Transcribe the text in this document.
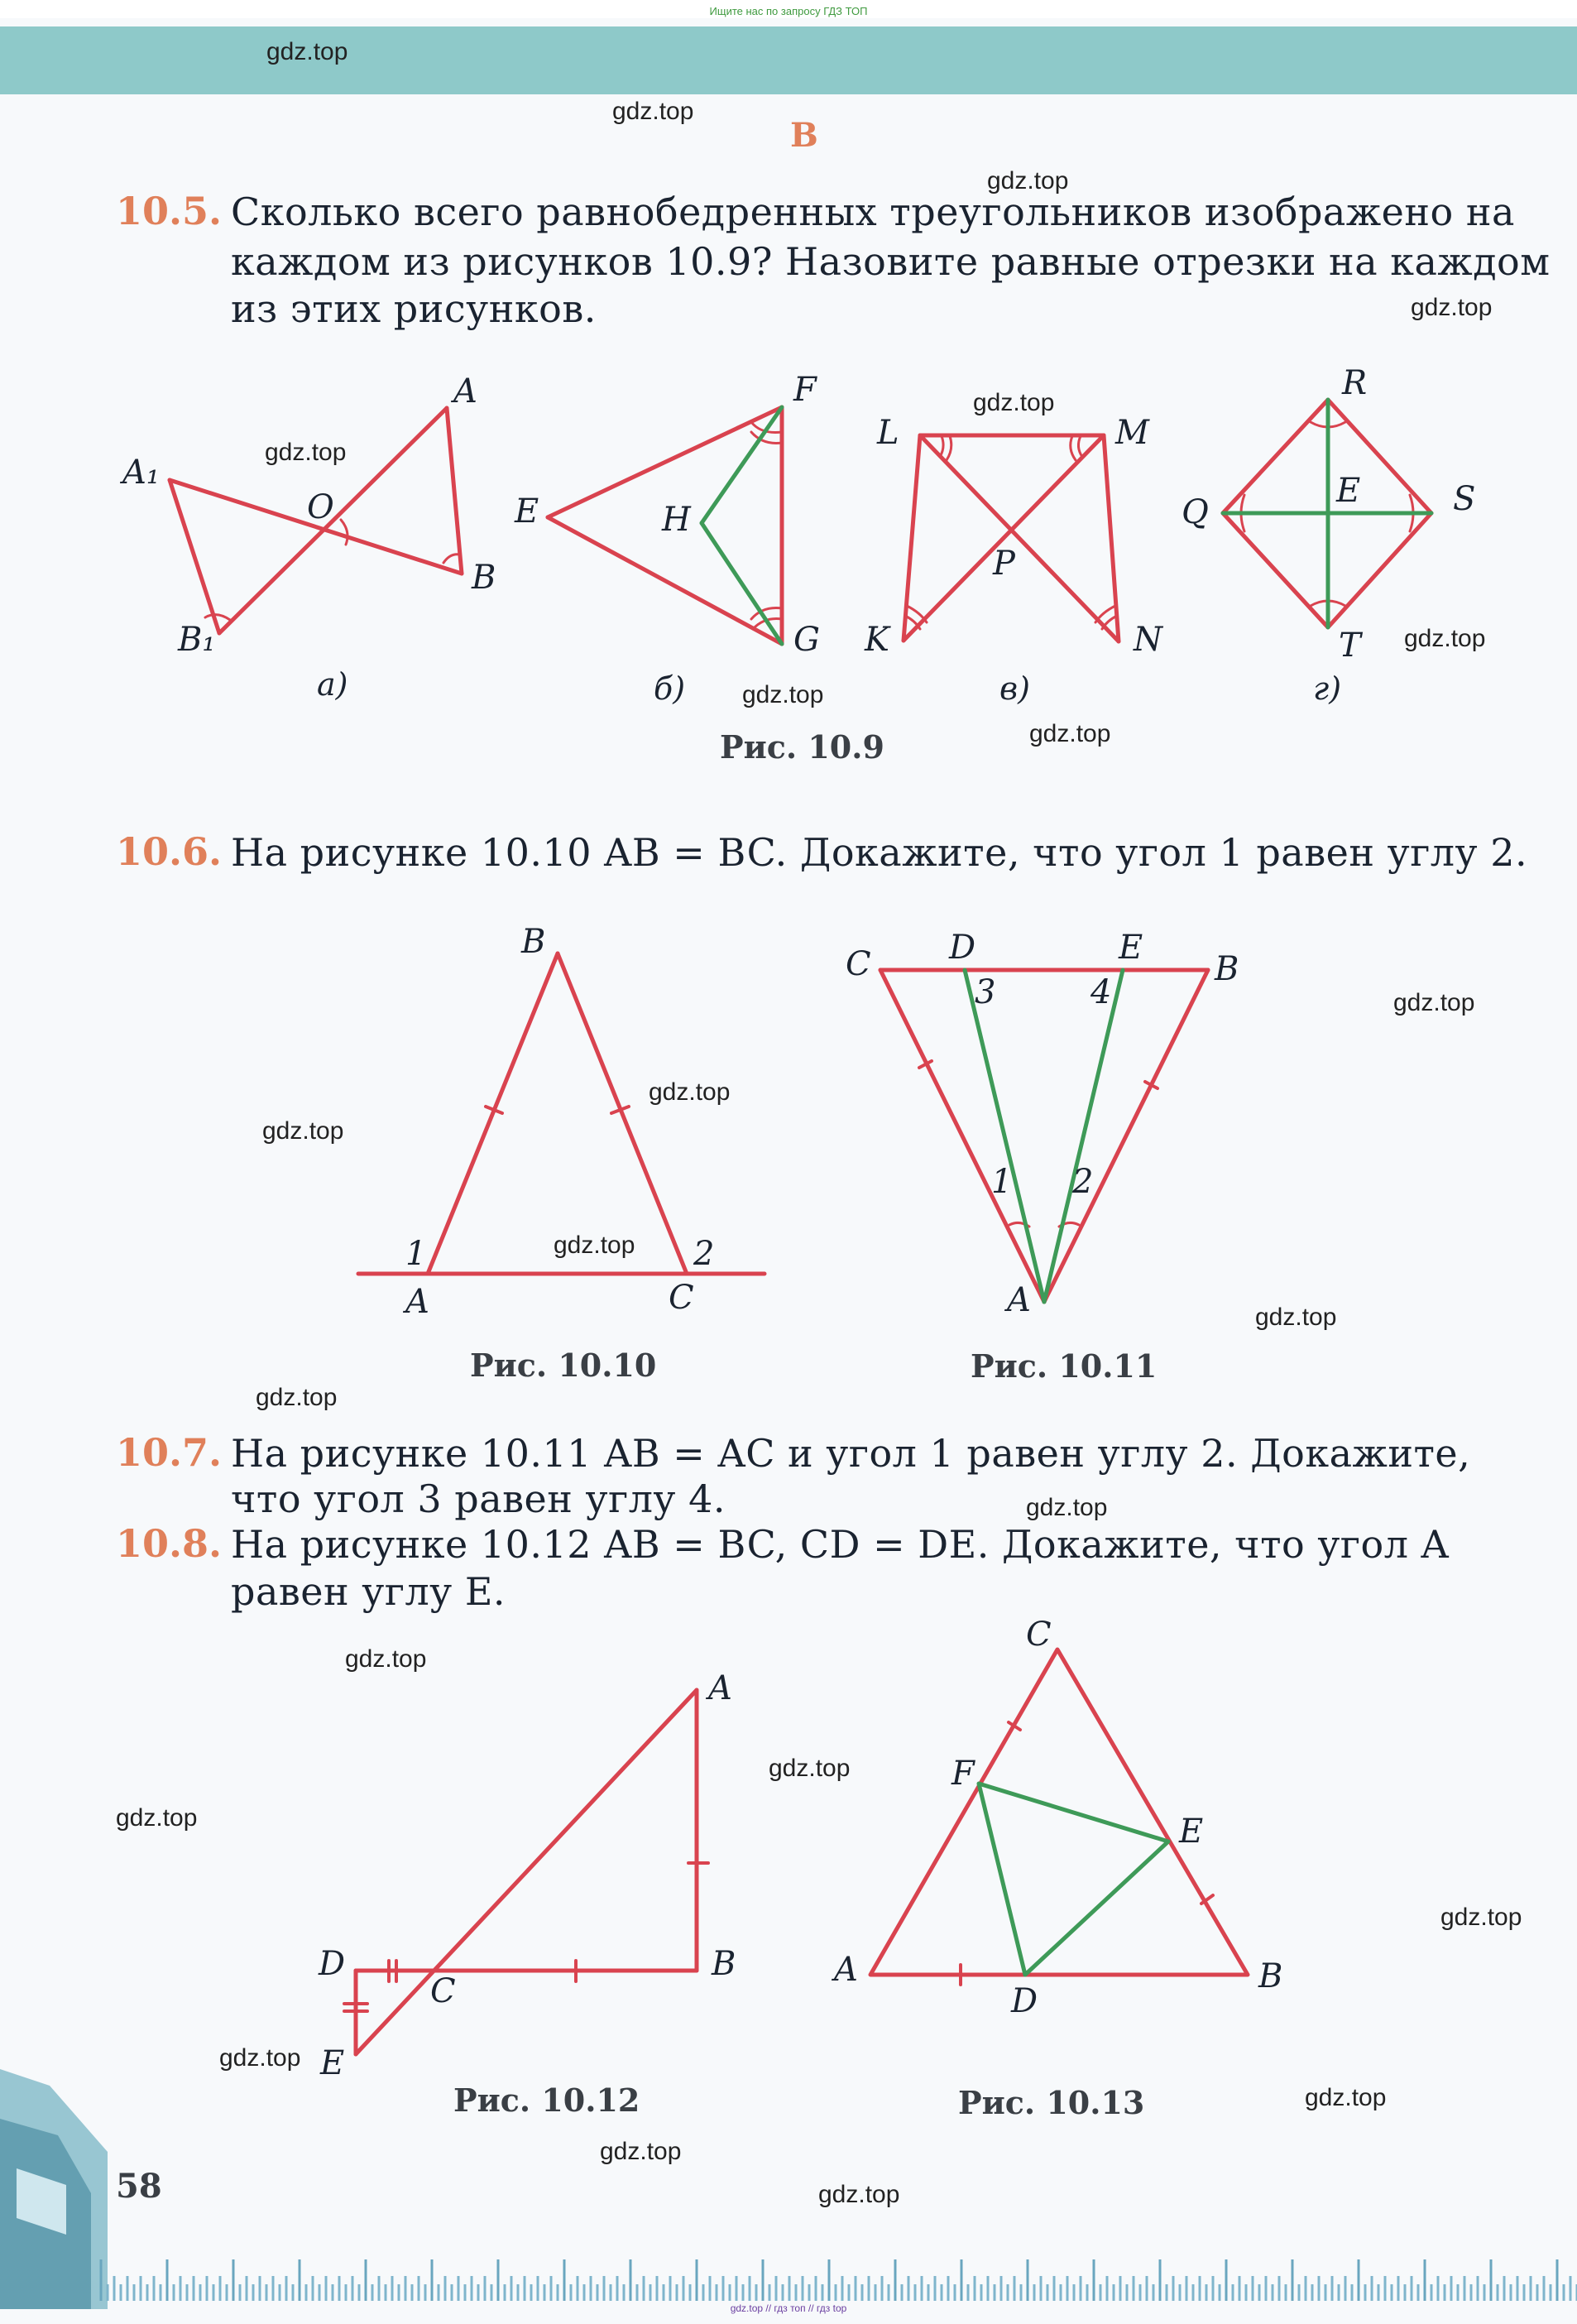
Ищите нас по запросу ГДЗ ТОП
В
gdz.top
gdz.top
gdz.top
gdz.top
gdz.top
gdz.top
gdz.top
gdz.top
gdz.top
gdz.top
gdz.top
gdz.top
gdz.top
gdz.top
gdz.top
gdz.top
gdz.top
gdz.top
gdz.top
gdz.top
gdz.top
gdz.top
gdz.top
gdz.top
10.5. Сколько всего равнобедренных треугольников изображено на
каждом из рисунков 10.9? Назовите равные отрезки на каждом
из этих рисунков.
10.6. На рисунке 10.10 AB = BC. Докажите, что угол 1 равен углу 2.
10.7. На рисунке 10.11 AB = AC и угол 1 равен углу 2. Докажите,
что угол 3 равен углу 4.
10.8. На рисунке 10.12 AB = BC, CD = DE. Докажите, что угол A
равен углу E.
A₁
A
O
B
B₁
а)
F
E	H
G
б)
L	M
P
K	N
в)
R
Q
E	S
T
г)
Рис. 10.9
B
1	2
A	C
Рис. 10.10
C D	E
B
3	4
1 2
A
Рис. 10.11
A
B
C
D
E
Рис. 10.12
C
F
E
A
D
B
Рис. 10.13
58
gdz.top // гдз топ // гдз top
